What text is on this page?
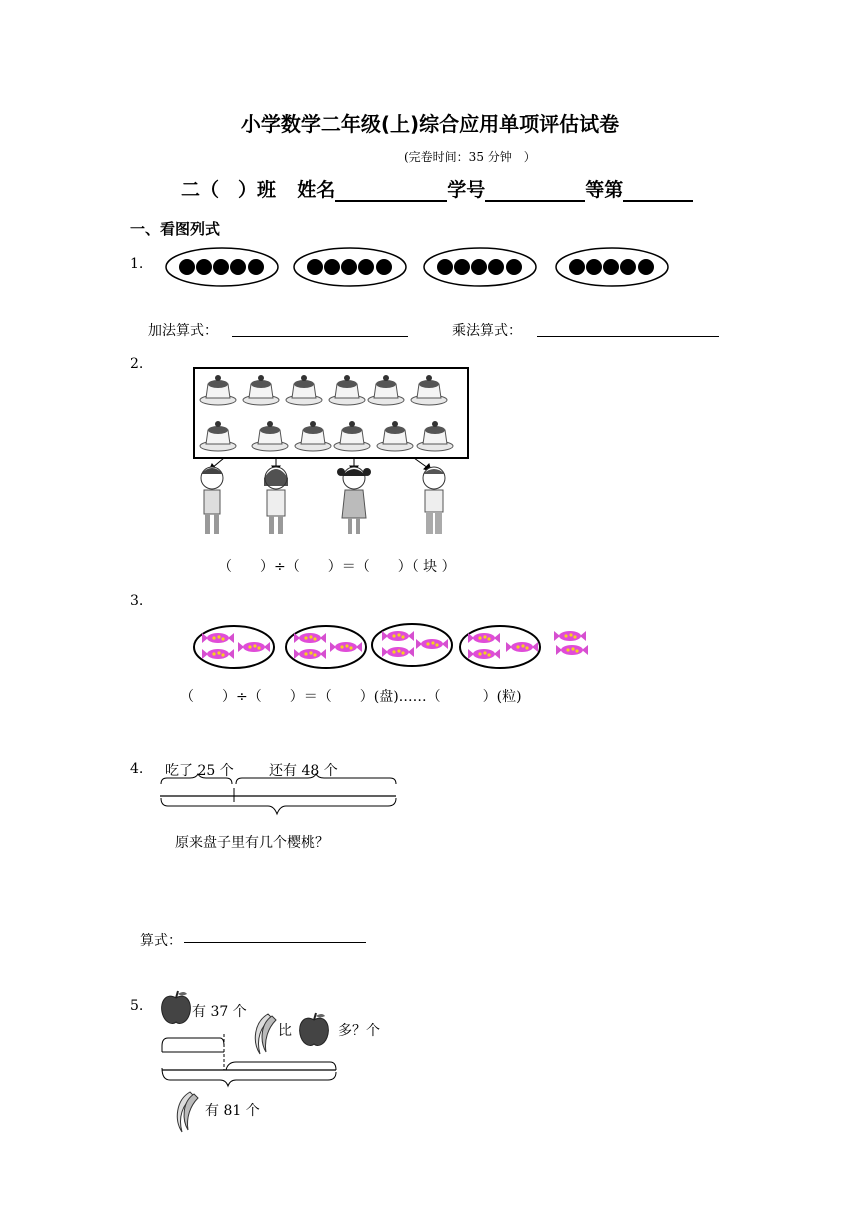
小学数学二年级(上)综合应用单项评估试卷
(完卷时间：35 分钟　）
二（　）班 姓名	学号	等第
一、看图列式
1.
加法算式：	乘法算式：
2.
（　　）÷（　　）＝（　　）（ 块 ）
3.
（　　）÷（　　）＝（　　）(盘)……（　　　）(粒)
4. 吃了 25 个	还有 48 个
原来盘子里有几个樱桃？
算式：
5.	有 37 个
比	多？个
有 81 个
